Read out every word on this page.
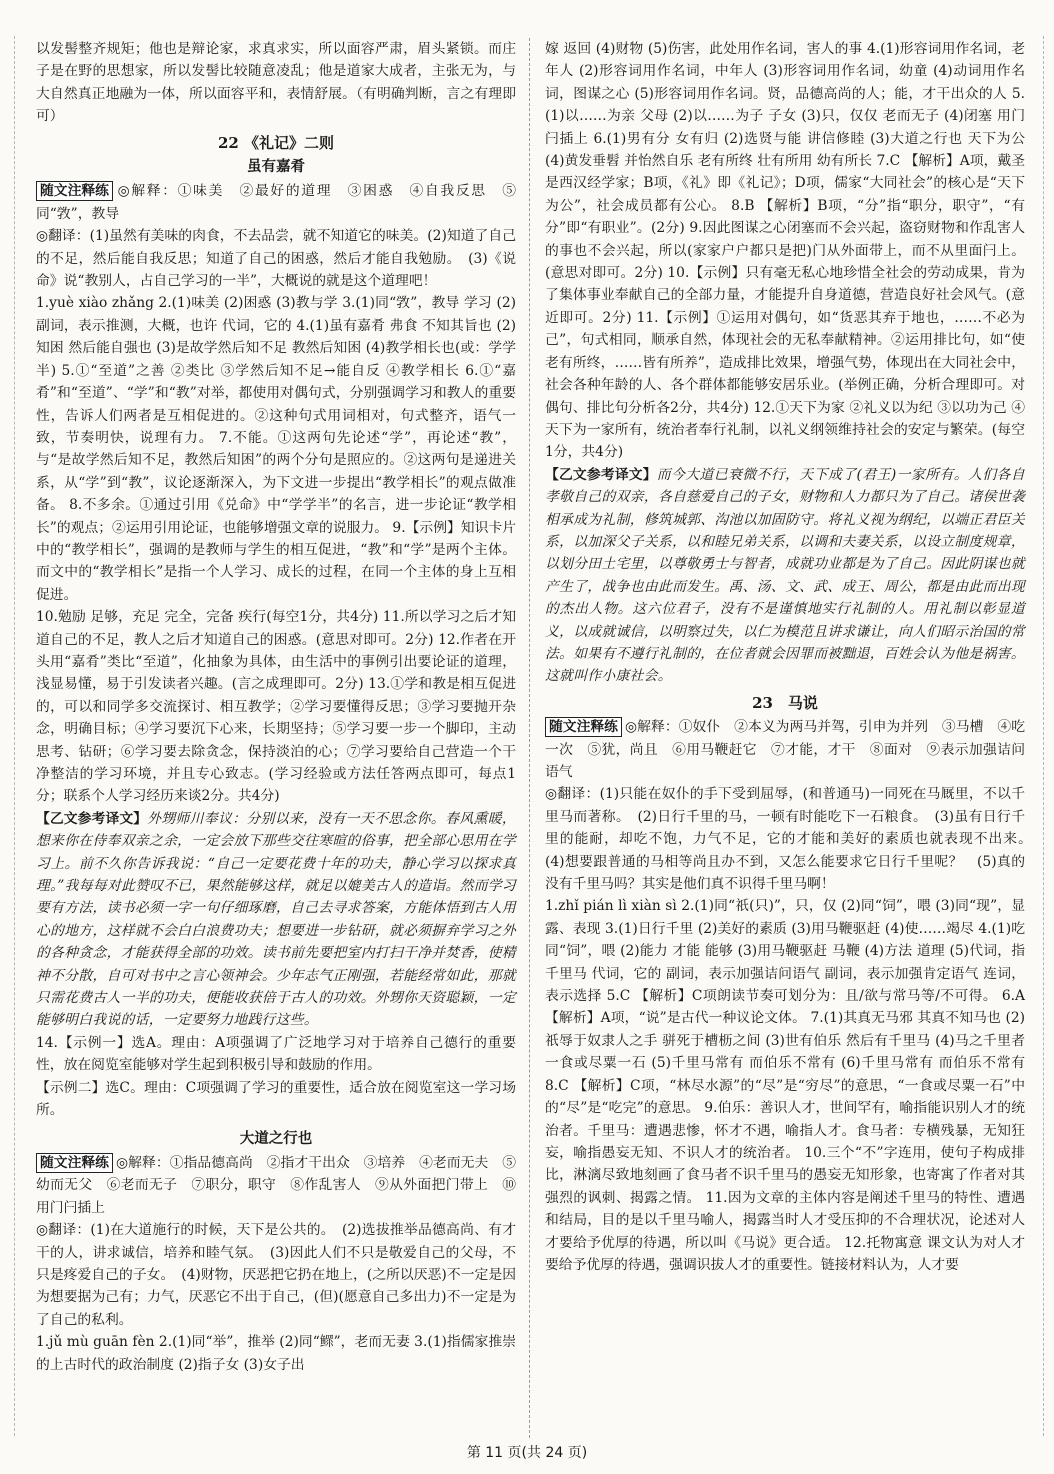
以发髻整齐规矩；他也是辩论家，求真求实，所以面容严肃，眉头紧锁。而庄子是在野的思想家，所以发髻比较随意凌乱；他是道家大成者，主张无为，与大自然真正地融为一体，所以面容平和，表情舒展。（有明确判断，言之有理即可）

22 《礼记》二则
虽有嘉肴

随文注释练 ◎解释：①味美　②最好的道理　③困惑　④自我反思　⑤同“敩”，教导

◎翻译：(1)虽然有美味的肉食，不去品尝，就不知道它的味美。(2)知道了自己的不足，然后能自我反思；知道了自己的困惑，然后才能自我勉励。　(3)《说命》说“教别人，占自己学习的一半”，大概说的就是这个道理吧！

1.yuè xiào zhǎng 2.(1)味美 (2)困惑 (3)教与学 3.(1)同“敩”，教导 学习 (2)副词，表示推测，大概，也许 代词，它的 4.(1)虽有嘉肴 弗食 不知其旨也 (2)知困 然后能自强也 (3)是故学然后知不足 教然后知困 (4)教学相长也(或：学学半) 5.①“至道”之善 ②类比 ③学然后知不足→能自反 ④教学相长 6.①“嘉肴”和“至道”、“学”和“教”对举，都使用对偶句式，分别强调学习和教人的重要性，告诉人们两者是互相促进的。②这种句式用词相对，句式整齐，语气一致，节奏明快，说理有力。 7.不能。①这两句先论述“学”，再论述“教”，与“是故学然后知不足，教然后知困”的两个分句是照应的。②这两句是递进关系，从“学”到“教”，议论逐渐深入，为下文进一步提出“教学相长”的观点做准备。 8.不多余。①通过引用《兑命》中“学学半”的名言，进一步论证“教学相长”的观点；②运用引用论证，也能够增强文章的说服力。 9.【示例】知识卡片中的“教学相长”，强调的是教师与学生的相互促进，“教”和“学”是两个主体。而文中的“教学相长”是指一个人学习、成长的过程，在同一个主体的身上互相促进。

10.勉励 足够，充足 完全，完备 疾行(每空1分，共4分) 11.所以学习之后才知道自己的不足，教人之后才知道自己的困惑。(意思对即可。2分) 12.作者在开头用“嘉肴”类比“至道”，化抽象为具体，由生活中的事例引出要论证的道理，浅显易懂，易于引发读者兴趣。(言之成理即可。2分) 13.①学和教是相互促进的，可以和同学多交流探讨、相互教学；②学习要懂得反思；③学习要抛开杂念，明确目标；④学习要沉下心来，长期坚持；⑤学习要一步一个脚印，主动思考、钻研；⑥学习要去除贪念，保持淡泊的心；⑦学习要给自己营造一个干净整洁的学习环境，并且专心致志。(学习经验或方法任答两点即可，每点1分；联系个人学习经历来谈2分。共4分)

【乙文参考译文】外甥师川奉议：分别以来，没有一天不思念你。春风熏暖，想来你在侍奉双亲之余，一定会放下那些交往寒暄的俗事，把全部心思用在学习上。前不久你告诉我说：“自己一定要花费十年的功夫，静心学习以探求真理。”我每每对此赞叹不已，果然能够这样，就足以媲美古人的造诣。然而学习要有方法，读书必须一字一句仔细琢磨，自己去寻求答案，方能体悟到古人用心的地方，这样就不会白白浪费功夫；想要进一步钻研，就必须摒弃学习之外的各种贪念，才能获得全部的功效。读书前先要把室内打扫干净并焚香，使精神不分散，自可对书中之言心领神会。少年志气正刚强，若能经常如此，那就只需花费古人一半的功夫，便能收获倍于古人的功效。外甥你天资聪颖，一定能够明白我说的话，一定要努力地践行这些。

14.【示例一】选A。理由：A项强调了广泛地学习对于培养自己德行的重要性，放在阅览室能够对学生起到积极引导和鼓励的作用。

【示例二】选C。理由：C项强调了学习的重要性，适合放在阅览室这一学习场所。

大道之行也

随文注释练 ◎解释：①指品德高尚　②指才干出众　③培养　④老而无夫　⑤幼而无父　⑥老而无子　⑦职分，职守　⑧作乱害人　⑨从外面把门带上　⑩用门闩插上

◎翻译：(1)在大道施行的时候，天下是公共的。　(2)选拔推举品德高尚、有才干的人，讲求诚信，培养和睦气氛。　(3)因此人们不只是敬爱自己的父母，不只是疼爱自己的子女。　(4)财物，厌恶把它扔在地上，(之所以厌恶)不一定是因为想要据为己有；力气，厌恶它不出于自己，(但)(愿意自己多出力)不一定是为了自己的私利。

1.jǔ mù guān fèn 2.(1)同“举”，推举 (2)同“鳏”，老而无妻 3.(1)指儒家推崇的上古时代的政治制度 (2)指子女 (3)女子出

嫁 返回 (4)财物 (5)伤害，此处用作名词，害人的事 4.(1)形容词用作名词，老年人 (2)形容词用作名词，中年人 (3)形容词用作名词，幼童 (4)动词用作名词，图谋之心 (5)形容词用作名词。贤，品德高尚的人；能，才干出众的人 5.(1)以……为亲 父母 (2)以……为子 子女 (3)只，仅仅 老而无子 (4)闭塞 用门闩插上 6.(1)男有分 女有归 (2)选贤与能 讲信修睦 (3)大道之行也 天下为公 (4)黄发垂髫 并怡然自乐 老有所终 壮有所用 幼有所长 7.C 【解析】A项，戴圣是西汉经学家；B项，《礼》即《礼记》；D项，儒家“大同社会”的核心是“天下为公”，社会成员都有公心。 8.B 【解析】B项，“分”指“职分，职守”，“有分”即“有职业”。(2分) 9.因此图谋之心闭塞而不会兴起，盗窃财物和作乱害人的事也不会兴起，所以(家家户户都只是把)门从外面带上，而不从里面闩上。(意思对即可。2分) 10.【示例】只有毫无私心地珍惜全社会的劳动成果，肯为了集体事业奉献自己的全部力量，才能提升自身道德，营造良好社会风气。(意近即可。2分) 11.【示例】①运用对偶句，如“货恶其弃于地也，……不必为己”，句式相同，顺承自然，体现社会的无私奉献精神。②运用排比句，如“使老有所终，……皆有所养”，造成排比效果，增强气势，体现出在大同社会中，社会各种年龄的人、各个群体都能够安居乐业。(举例正确，分析合理即可。对偶句、排比句分析各2分，共4分) 12.①天下为家 ②礼义以为纪 ③以功为己 ④天下为一家所有，统治者奉行礼制，以礼义纲领维持社会的安定与繁荣。(每空1分，共4分)

【乙文参考译文】而今大道已衰微不行，天下成了(君王)一家所有。人们各自孝敬自己的双亲，各自慈爱自己的子女，财物和人力都只为了自己。诸侯世袭相承成为礼制，修筑城郭、沟池以加固防守。将礼义视为纲纪，以端正君臣关系，以加深父子关系，以和睦兄弟关系，以调和夫妻关系，以设立制度规章，以划分田土宅里，以尊敬勇士与智者，成就功业都是为了自己。因此阴谋也就产生了，战争也由此而发生。禹、汤、文、武、成王、周公，都是由此而出现的杰出人物。这六位君子，没有不是谨慎地实行礼制的人。用礼制以彰显道义，以成就诚信，以明察过失，以仁为模范且讲求谦让，向人们昭示治国的常法。如果有不遵行礼制的，在位者就会因罪而被黜退，百姓会认为他是祸害。这就叫作小康社会。

23　马说

随文注释练 ◎解释：①奴仆　②本义为两马并驾，引申为并列　③马槽　④吃一次　⑤犹，尚且　⑥用马鞭赶它　⑦才能，才干　⑧面对　⑨表示加强诘问语气

◎翻译：(1)只能在奴仆的手下受到屈辱，(和普通马)一同死在马厩里，不以千里马而著称。　(2)日行千里的马，一顿有时能吃下一石粮食。　(3)虽有日行千里的能耐，却吃不饱，力气不足，它的才能和美好的素质也就表现不出来。　(4)想要跟普通的马相等尚且办不到，又怎么能要求它日行千里呢？　(5)真的没有千里马吗？其实是他们真不识得千里马啊！

1.zhǐ pián lì xiàn sì 2.(1)同“祇(只)”，只，仅 (2)同“饲”，喂 (3)同“现”，显露、表现 3.(1)日行千里 (2)美好的素质 (3)用马鞭驱赶 (4)使……竭尽 4.(1)吃 同“饲”，喂 (2)能力 才能 能够 (3)用马鞭驱赶 马鞭 (4)方法 道理 (5)代词，指千里马 代词，它的 副词，表示加强诘问语气 副词，表示加强肯定语气 连词，表示选择 5.C 【解析】C项朗读节奏可划分为：且/欲与常马等/不可得。 6.A 【解析】A项，“说”是古代一种议论文体。 7.(1)其真无马邪 其真不知马也 (2)祇辱于奴隶人之手 骈死于槽枥之间 (3)世有伯乐 然后有千里马 (4)马之千里者 一食或尽粟一石 (5)千里马常有 而伯乐不常有 (6)千里马常有 而伯乐不常有 8.C 【解析】C项，“林尽水源”的“尽”是“穷尽”的意思，“一食或尽粟一石”中的“尽”是“吃完”的意思。 9.伯乐：善识人才，世间罕有，喻指能识别人才的统治者。千里马：遭遇悲惨，怀才不遇，喻指人才。食马者：专横残暴，无知狂妄，喻指愚妄无知、不识人才的统治者。 10.三个“不”字连用，使句子构成排比，淋漓尽致地刻画了食马者不识千里马的愚妄无知形象，也寄寓了作者对其强烈的讽刺、揭露之情。 11.因为文章的主体内容是阐述千里马的特性、遭遇和结局，目的是以千里马喻人，揭露当时人才受压抑的不合理状况，论述对人才要给予优厚的待遇，所以叫《马说》更合适。 12.托物寓意 课文认为对人才要给予优厚的待遇，强调识拔人才的重要性。链接材料认为，人才要

第 11 页(共 24 页)
